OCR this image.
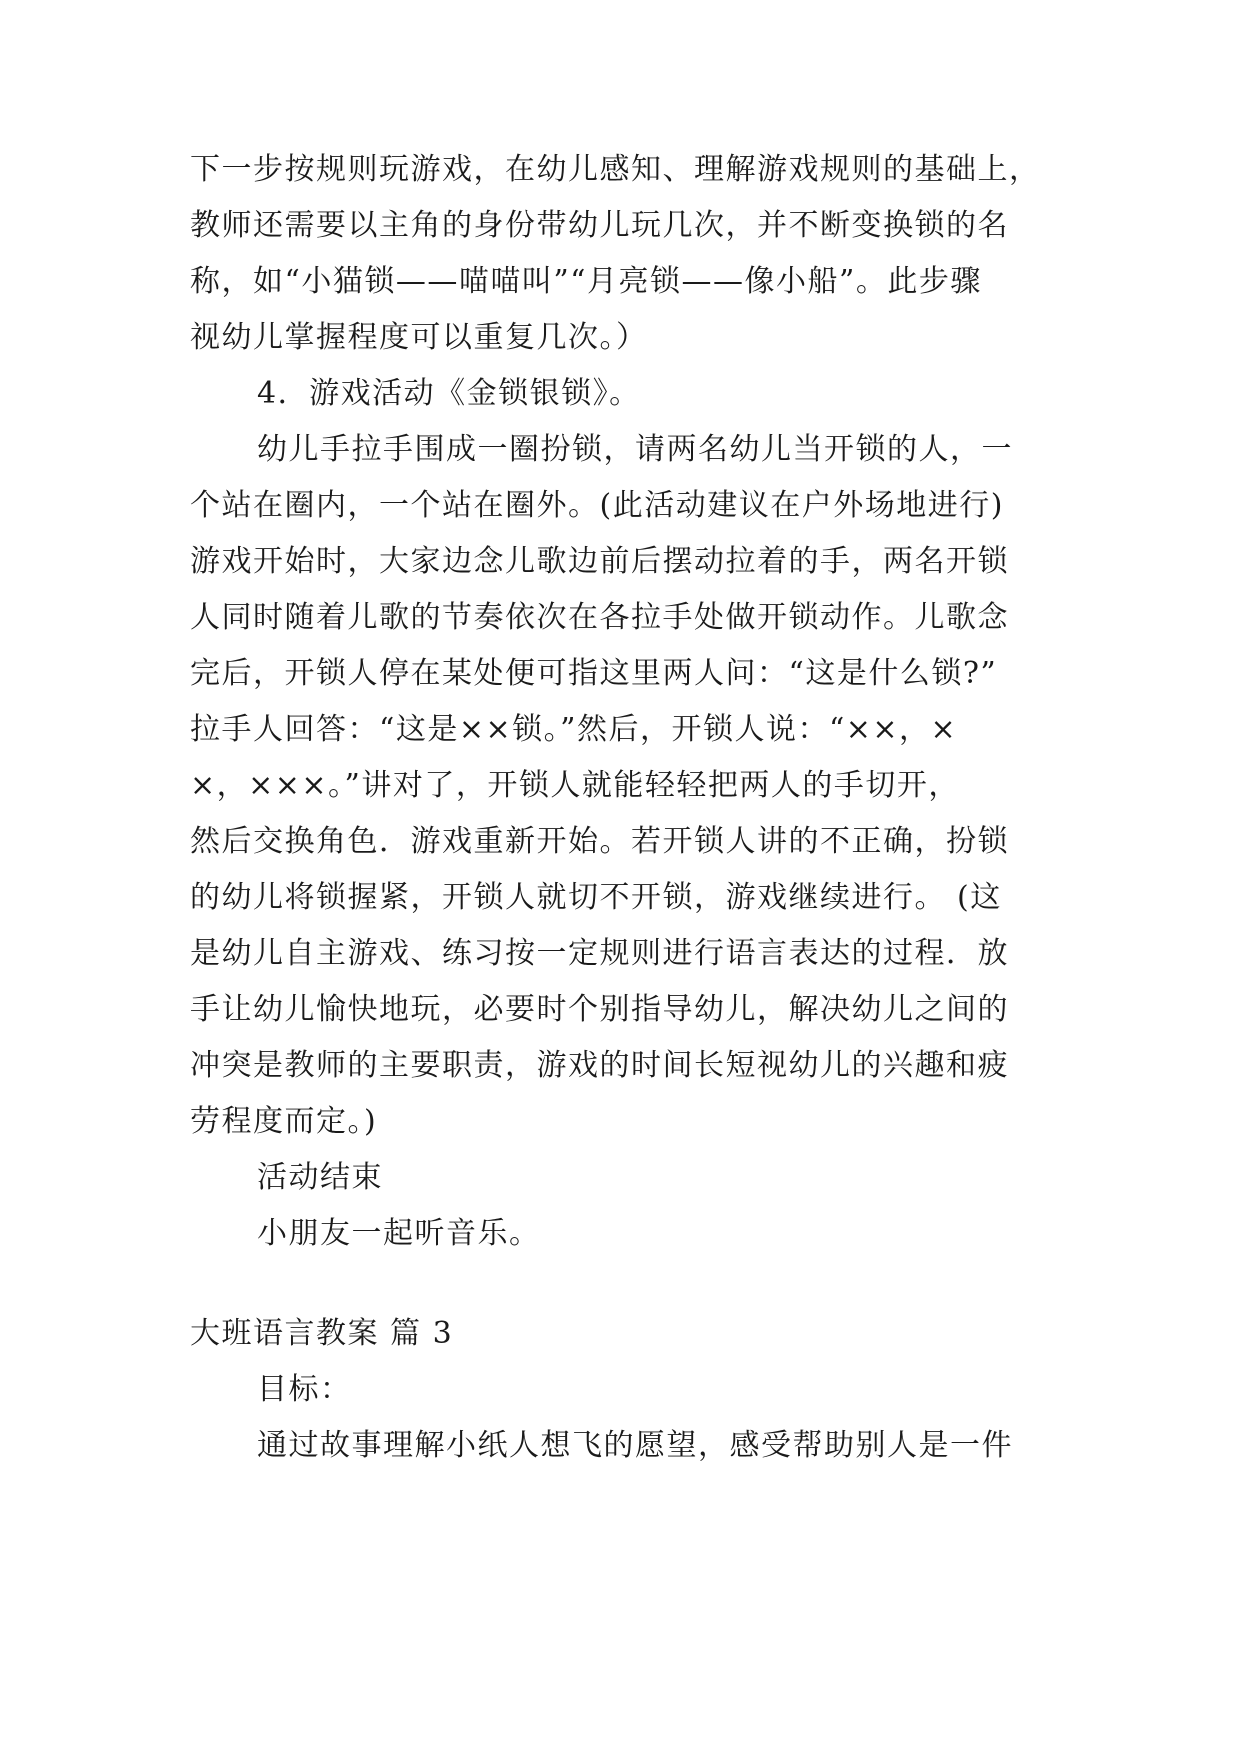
下一步按规则玩游戏，在幼儿感知、理解游戏规则的基础上，
教师还需要以主角的身份带幼儿玩几次，并不断变换锁的名
称，如“小猫锁——喵喵叫”“月亮锁——像小船”。此步骤
视幼儿掌握程度可以重复几次。）
4．游戏活动《金锁银锁》。
幼儿手拉手围成一圈扮锁，请两名幼儿当开锁的人，一
个站在圈内，一个站在圈外。(此活动建议在户外场地进行)
游戏开始时，大家边念儿歌边前后摆动拉着的手，两名开锁
人同时随着儿歌的节奏依次在各拉手处做开锁动作。儿歌念
完后，开锁人停在某处便可指这里两人问：“这是什么锁?”
拉手人回答：“这是××锁。”然后，开锁人说：“××，×
×，×××。”讲对了，开锁人就能轻轻把两人的手切开，
然后交换角色．游戏重新开始。若开锁人讲的不正确，扮锁
的幼儿将锁握紧，开锁人就切不开锁，游戏继续进行。 (这
是幼儿自主游戏、练习按一定规则进行语言表达的过程．放
手让幼儿愉快地玩，必要时个别指导幼儿，解决幼儿之间的
冲突是教师的主要职责，游戏的时间长短视幼儿的兴趣和疲
劳程度而定。)
活动结束
小朋友一起听音乐。
大班语言教案 篇 3
目标：
通过故事理解小纸人想飞的愿望，感受帮助别人是一件
